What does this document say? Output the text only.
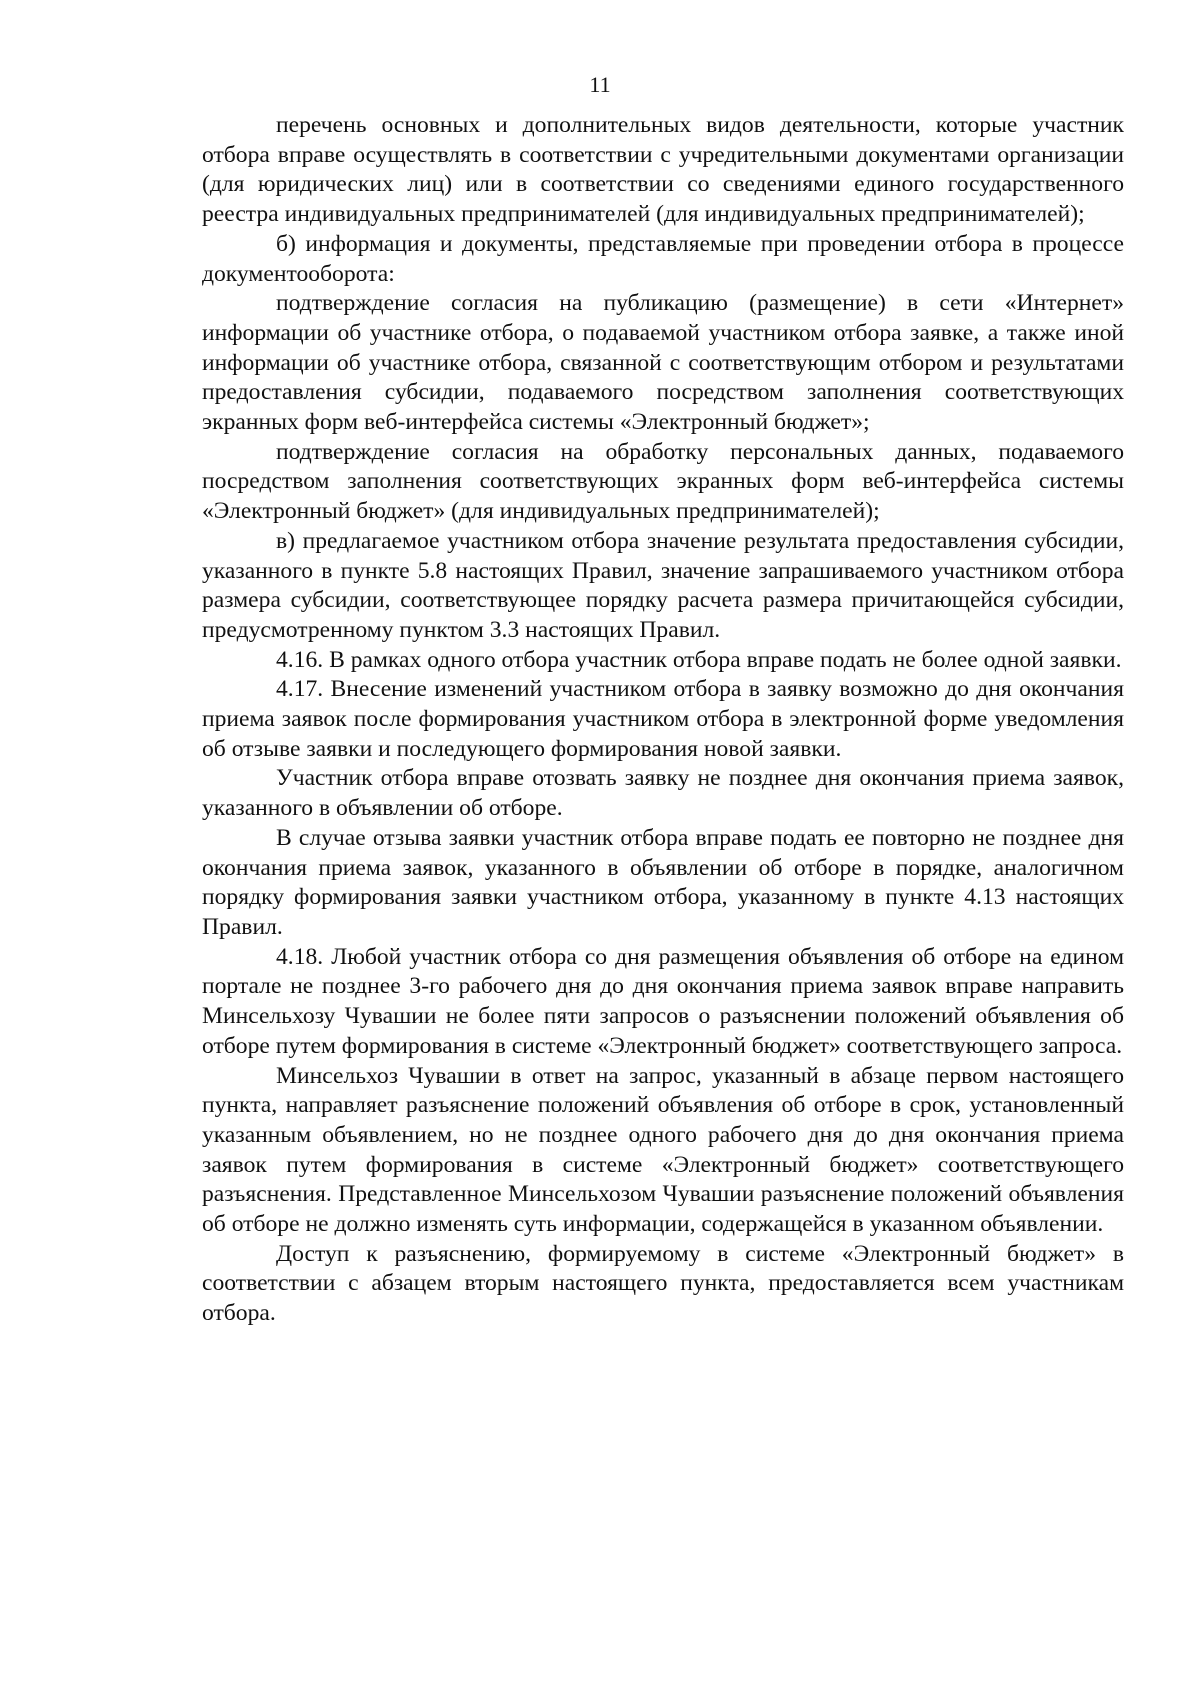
11

перечень основных и дополнительных видов деятельности, которые участник отбора вправе осуществлять в соответствии с учредительными документами организации (для юридических лиц) или в соответствии со сведениями единого государственного реестра индивидуальных предпринимателей (для индивидуальных предпринимателей);

б) информация и документы, представляемые при проведении отбора в процессе документооборота:

подтверждение согласия на публикацию (размещение) в сети «Интернет» информации об участнике отбора, о подаваемой участником отбора заявке, а также иной информации об участнике отбора, связанной с соответствующим отбором и результатами предоставления субсидии, подаваемого посредством заполнения соответствующих экранных форм веб-интерфейса системы «Электронный бюджет»;

подтверждение согласия на обработку персональных данных, подаваемого посредством заполнения соответствующих экранных форм веб-интерфейса системы «Электронный бюджет» (для индивидуальных предпринимателей);

в) предлагаемое участником отбора значение результата предоставления субсидии, указанного в пункте 5.8 настоящих Правил, значение запрашиваемого участником отбора размера субсидии, соответствующее порядку расчета размера причитающейся субсидии, предусмотренному пунктом 3.3 настоящих Правил.

4.16. В рамках одного отбора участник отбора вправе подать не более одной заявки.

4.17. Внесение изменений участником отбора в заявку возможно до дня окончания приема заявок после формирования участником отбора в электронной форме уведомления об отзыве заявки и последующего формирования новой заявки.

Участник отбора вправе отозвать заявку не позднее дня окончания приема заявок, указанного в объявлении об отборе.

В случае отзыва заявки участник отбора вправе подать ее повторно не позднее дня окончания приема заявок, указанного в объявлении об отборе в порядке, аналогичном порядку формирования заявки участником отбора, указанному в пункте 4.13 настоящих Правил.

4.18. Любой участник отбора со дня размещения объявления об отборе на едином портале не позднее 3-го рабочего дня до дня окончания приема заявок вправе направить Минсельхозу Чувашии не более пяти запросов о разъяснении положений объявления об отборе путем формирования в системе «Электронный бюджет» соответствующего запроса.

Минсельхоз Чувашии в ответ на запрос, указанный в абзаце первом настоящего пункта, направляет разъяснение положений объявления об отборе в срок, установленный указанным объявлением, но не позднее одного рабочего дня до дня окончания приема заявок путем формирования в системе «Электронный бюджет» соответствующего разъяснения. Представленное Минсельхозом Чувашии разъяснение положений объявления об отборе не должно изменять суть информации, содержащейся в указанном объявлении.

Доступ к разъяснению, формируемому в системе «Электронный бюджет» в соответствии с абзацем вторым настоящего пункта, предоставляется всем участникам отбора.
